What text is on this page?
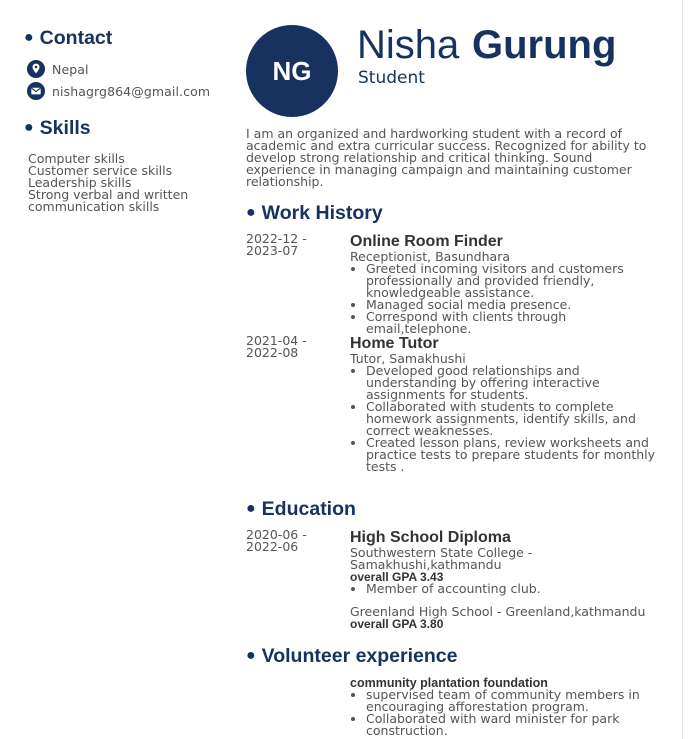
● Contact
Nepal
nishagrg864@gmail.com
● Skills
Computer skills
Customer service skills
Leadership skills
Strong verbal and written
communication skills
NG
Nisha Gurung
Student
I am an organized and hardworking student with a record of
academic and extra curricular success. Recognized for ability to
develop strong relationship and critical thinking. Sound
experience in managing campaign and maintaining customer
relationship.
● Work History
2022-12 -
2023-07
Online Room Finder
Receptionist, Basundhara
• Greeted incoming visitors and customers
professionally and provided friendly,
knowledgeable assistance.
• Managed social media presence.
• Correspond with clients through
email,telephone.
2021-04 -
2022-08
Home Tutor
Tutor, Samakhushi
• Developed good relationships and
understanding by offering interactive
assignments for students.
• Collaborated with students to complete
homework assignments, identify skills, and
correct weaknesses.
• Created lesson plans, review worksheets and
practice tests to prepare students for monthly
tests .
● Education
2020-06 -
2022-06
High School Diploma
Southwestern State College -
Samakhushi,kathmandu
overall GPA 3.43
• Member of accounting club.
Greenland High School - Greenland,kathmandu
overall GPA 3.80
● Volunteer experience
community plantation foundation
• supervised team of community members in
encouraging afforestation program.
• Collaborated with ward minister for park
construction.
